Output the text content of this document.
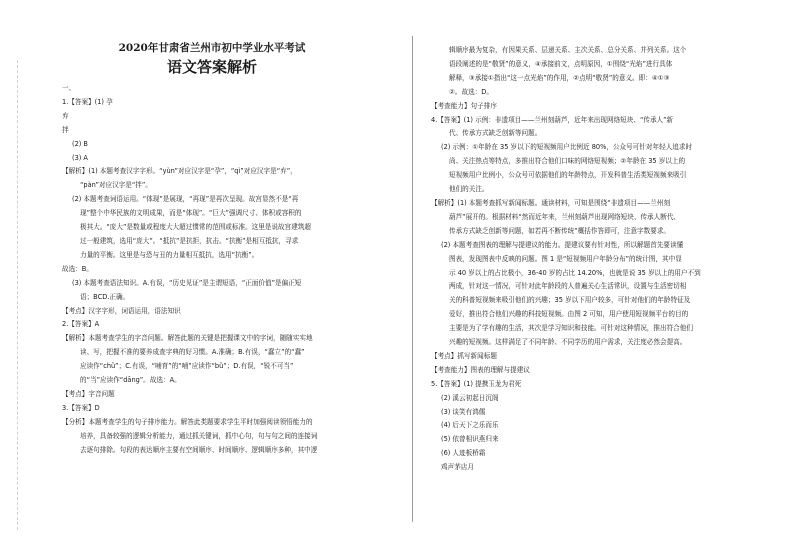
2020年甘肃省兰州市初中学业水平考试
语文答案解析
一、
1.【答案】(1) 孕
弃
拌
(2) B
(3) A
【解析】(1) 本题考查汉字字形。“yùn”对应汉字是“孕”，“qì”对应汉字是“弃”，
“pàn”对应汉字是“拌”。
(2) 本题考查词语运用。“体现”是展现，“再现”是再次呈现。故宫显然不是“再
现”整个中华民族的文明成果，而是“体现”。“巨大”强调尺寸、体积或容积的
极其大。“庞大”是数量或程度大大超过惯常的范围或标准。这里是说故宫建筑超
过一般建筑，选用“庞大”。“抵抗”是抗拒，抗击。“抗衡”是相互抵抗，寻求
力量的平衡。这里是与恐与丑的力量相互抵抗，选用“抗衡”。
故选：B。
(3) 本题考查语法知识。A.有误，“历史见证”是主谓短语，“正面价值”是偏正短
语；BCD.正确。
【考点】汉字字形，词语运用，语法知识
2.【答案】A
【解析】本题考查学生的字音问题。解答此题的关键是把握课文中的字词，随随实实地
读、写，把握不准的要养成查字典的好习惯。A.准确；B.有误，“蠢立”的“蠢”
应读作“chǔ”；C.有误，“哺育”的“哺”应读作“bǔ”；D.有误，“锐不可当”
的“当”应读作“dāng”。故选：A。
【考点】字音问题
3.【答案】D
【分析】本题考查学生的句子排序能力。解答此类题要求学生平时加强阅读领悟能力的
培养，具备较强的逻辑分析能力，通过抓关键词，抓中心句，句与句之间的连接词
去逐句排除。句段的表达顺序主要有空间顺序、时间顺序、逻辑顺序多种，其中逻
辑顺序最为复杂，有因果关系、层递关系、主次关系、总分关系、并列关系。这个
语段阐述的是“敬贤”的意义，④承接前文，点明原因，①围绕“光焰”进行具体
解释，③承接①指出“这一点光焰”的作用，②点明“敬贤”的意义。即：④①③
②。故选：D。
【考查能力】句子排序
4.【答案】(1) 示例：非遗项目——兰州刻葫芦，近年来出现网络短块、“传承人”新
代、传承方式缺乏创新等问题。
(2) 示例：①年龄在 35 岁以下的短视频用户比例近 80%，公众号可针对年轻人追求时
尚、关注热点等特点，多推出符合他们口味的网络短视频；②年龄在 35 岁以上的
短视频用户比例小，公众号可依据他们的年龄特点，开发科普生活类短视频来吸引
他们的关注。
【解析】(1) 本题考查抓写新闻标题。通读材料，可知是围绕“非遗项目——兰州刻
葫芦”展开的。根据材料“然而近年来，兰州刻葫芦出现网络短块、传承人断代、
传承方式缺乏创新等问题，如若再不断传统”概括作答即可，注意字数要求。
(2) 本题考查图表的理解与提建议的能力。提建议要有针对性，所以解题首先要读懂
图表，发现图表中反映的问题。图 1 是“短视频用户年龄分布”的统计图，其中显
示 40 岁以上的占比极小，36-40 岁的占比 14.20%，也就是说 35 岁以上的用户不到
两成，针对这一情况，可针对此年龄段的人普遍关心生活常识，设置与生活密切相
关的科普短视频来吸引他们的兴趣；35 岁以下用户较多，可针对他们的年龄特征及
爱好，推出符合他们兴趣的科技短视频。由图 2 可知，用户使用短视频平台的目的
主要是为了学有趣的生活，其次是学习知识和技能。可针对这种情况，推出符合他们
兴趣的短视频。这样满足了不同年龄、不同学历的用户需求，关注度必然会提高。
【考点】抓写新闻标题
【考查能力】图表的理解与提建议
5.【答案】(1) 提携玉龙为君死
(2) 溪云初起日沉阁
(3) 谈笑有鸿儒
(4) 后天下之乐而乐
(5) 依曾相识燕归来
(6) 人迹板桥霜
鸡声茅店月
